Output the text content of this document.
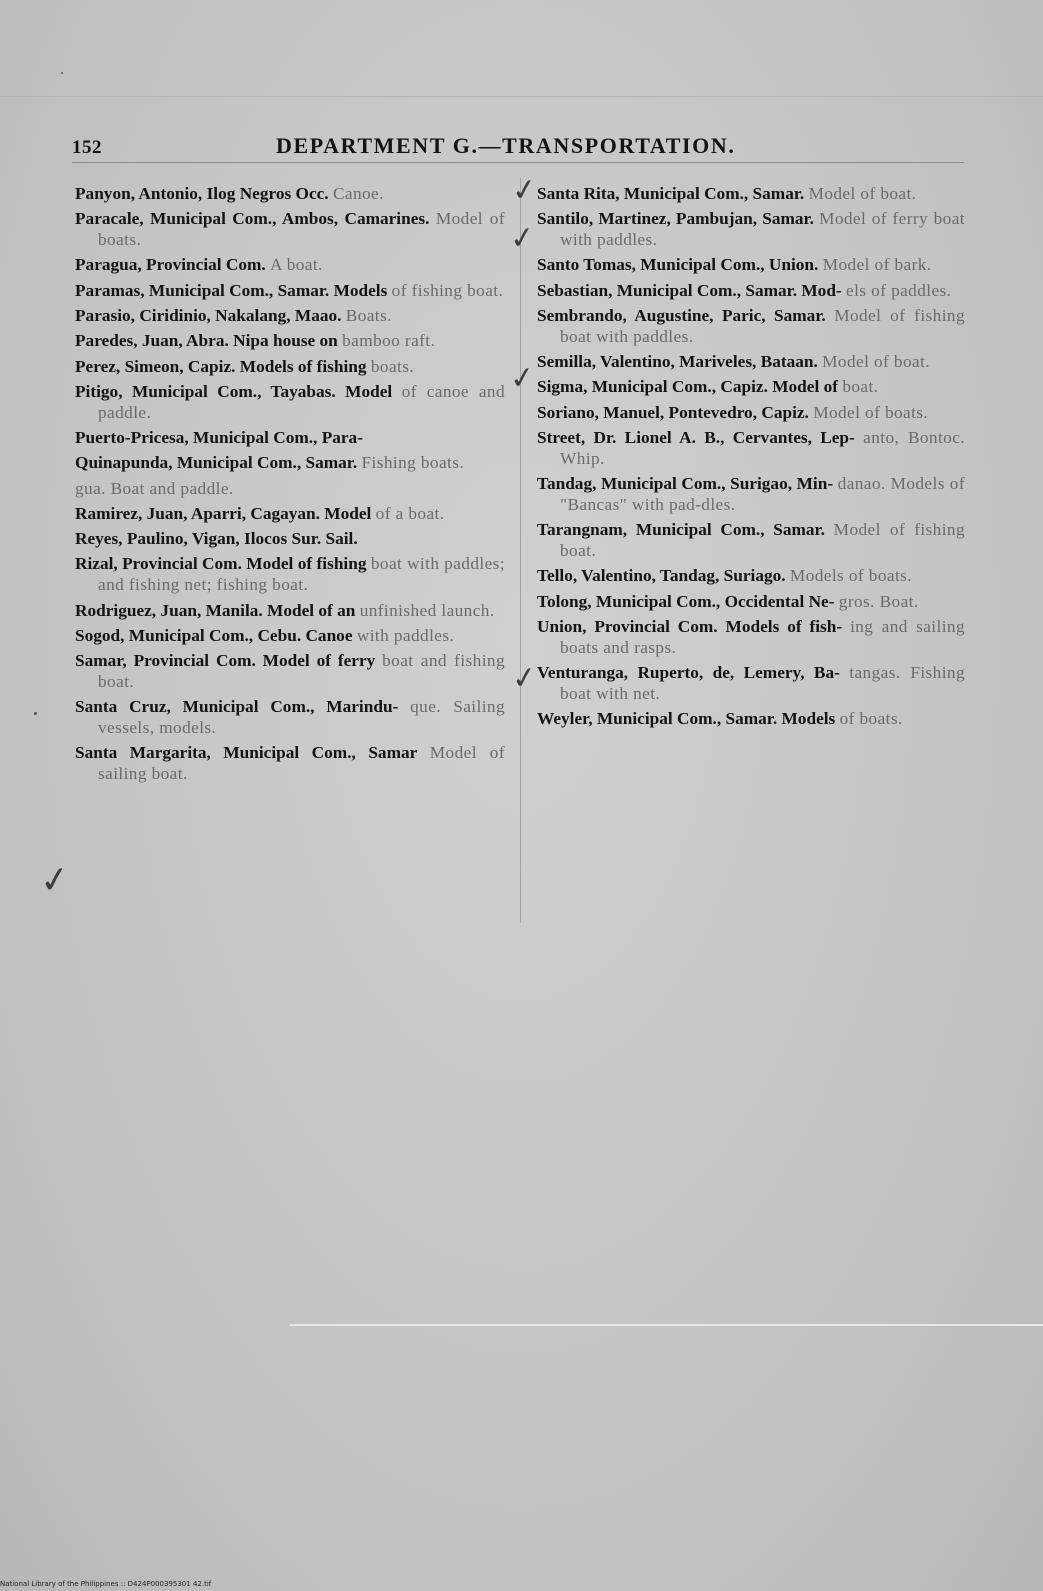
152	DEPARTMENT G.—TRANSPORTATION.

Panyon, Antonio, Ilog Negros Occ. Canoe.

Paracale, Municipal Com., Ambos, Camarines. Model of boats.

Paragua, Provincial Com. A boat.

Paramas, Municipal Com., Samar. Models of fishing boat.

Parasio, Ciridinio, Nakalang, Maao. Boats.

Paredes, Juan, Abra. Nipa house on bamboo raft.

Perez, Simeon, Capiz. Models of fishing boats.

Pitigo, Municipal Com., Tayabas. Model of canoe and paddle.

Puerto-Pricesa, Municipal Com., Para-

Quinapunda, Municipal Com., Samar. Fishing boats.

gua. Boat and paddle.

Ramirez, Juan, Aparri, Cagayan. Model of a boat.

Reyes, Paulino, Vigan, Ilocos Sur. Sail.

Rizal, Provincial Com. Model of fishing boat with paddles; and fishing net; fishing boat.

Rodriguez, Juan, Manila. Model of an unfinished launch.

Sogod, Municipal Com., Cebu. Canoe with paddles.

Samar, Provincial Com. Model of ferry boat and fishing boat.

Santa Cruz, Municipal Com., Marindu- que. Sailing vessels, models.

Santa Margarita, Municipal Com., Samar Model of sailing boat.

Santa Rita, Municipal Com., Samar. Model of boat.

Santilo, Martinez, Pambujan, Samar. Model of ferry boat with paddles.

Santo Tomas, Municipal Com., Union. Model of bark.

Sebastian, Municipal Com., Samar. Mod- els of paddles.

Sembrando, Augustine, Paric, Samar. Model of fishing boat with paddles.

Semilla, Valentino, Mariveles, Bataan. Model of boat.

Sigma, Municipal Com., Capiz. Model of boat.

Soriano, Manuel, Pontevedro, Capiz. Model of boats.

Street, Dr. Lionel A. B., Cervantes, Lep- anto, Bontoc. Whip.

Tandag, Municipal Com., Surigao, Min- danao. Models of "Bancas" with pad-dles.

Tarangnam, Municipal Com., Samar. Model of fishing boat.

Tello, Valentino, Tandag, Suriago. Models of boats.

Tolong, Municipal Com., Occidental Ne- gros. Boat.

Union, Provincial Com. Models of fish- ing and sailing boats and rasps.

Venturanga, Ruperto, de, Lemery, Ba- tangas. Fishing boat with net.

Weyler, Municipal Com., Samar. Models of boats.

✓
✓
✓
✓
✓
National Library of the Philippines :: D424P000395301 42.tif
